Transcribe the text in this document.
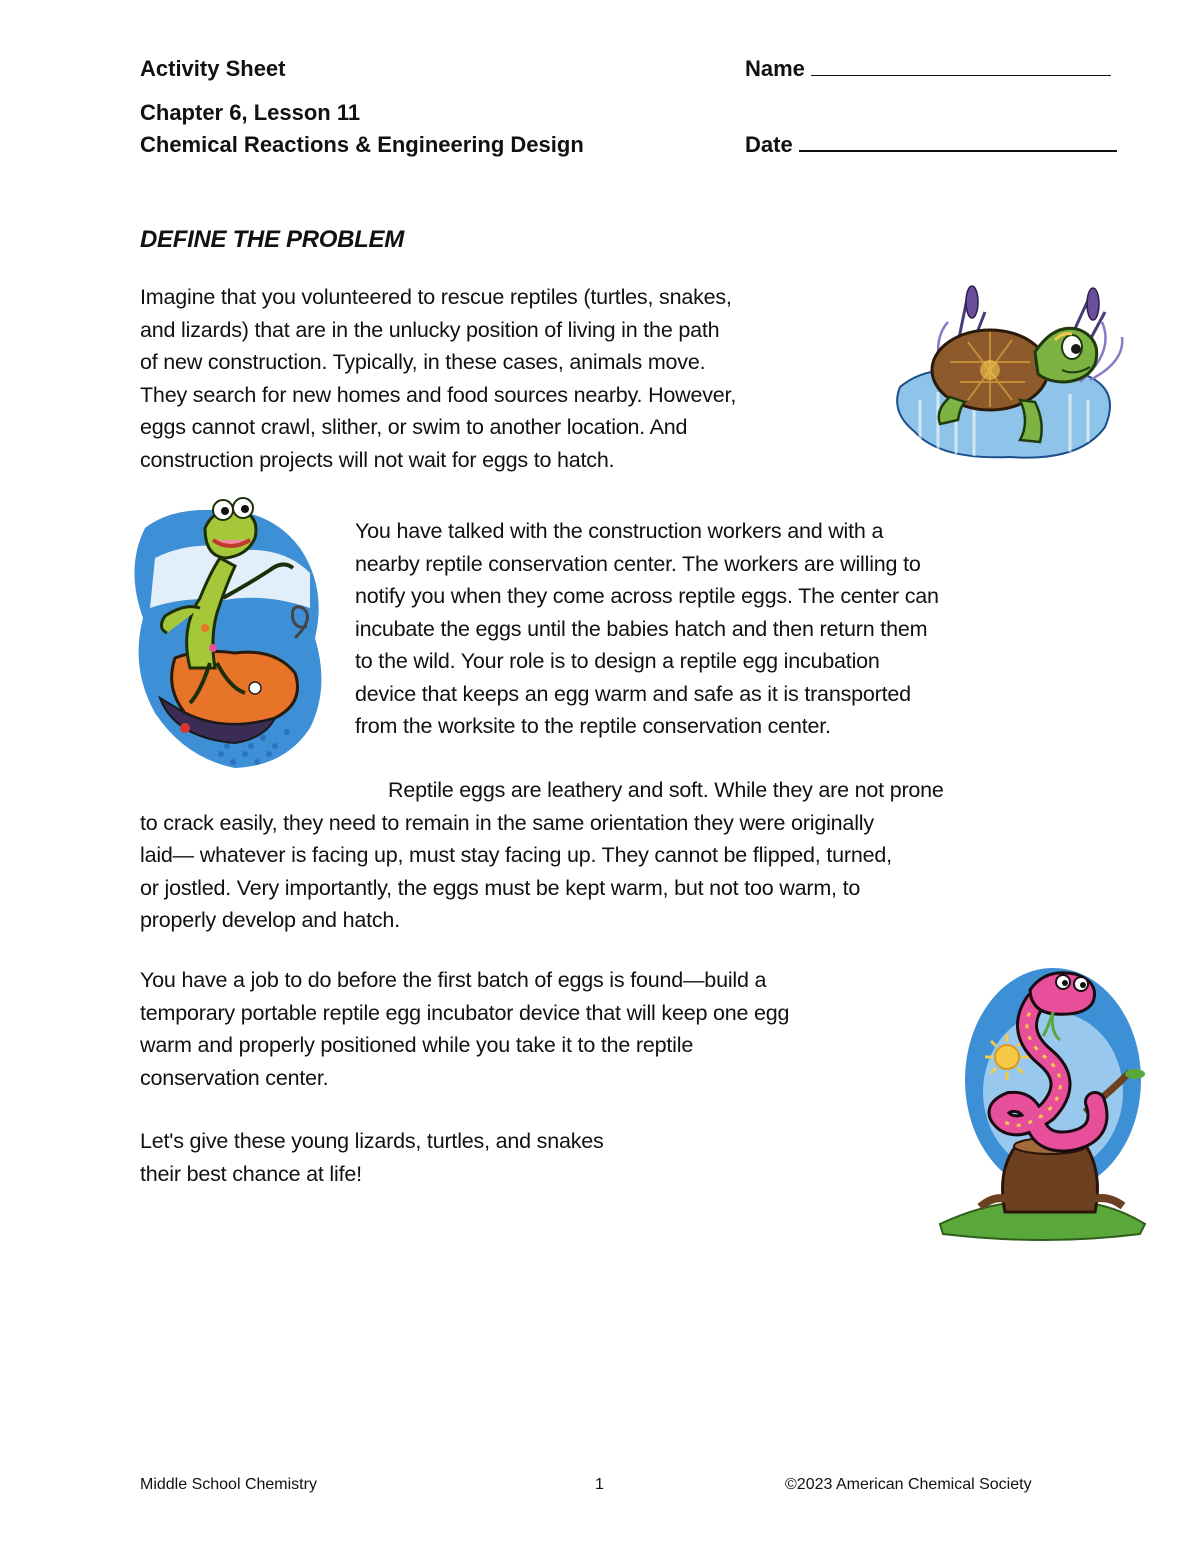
Activity Sheet
Chapter 6, Lesson 11
Chemical Reactions & Engineering Design
Name
Date
DEFINE THE PROBLEM

Imagine that you volunteered to rescue reptiles (turtles, snakes,
and lizards) that are in the unlucky position of living in the path
of new construction. Typically, in these cases, animals move.
They search for new homes and food sources nearby. However,
eggs cannot crawl, slither, or swim to another location. And
construction projects will not wait for eggs to hatch.

You have talked with the construction workers and with a
nearby reptile conservation center. The workers are willing to
notify you when they come across reptile eggs. The center can
incubate the eggs until the babies hatch and then return them
to the wild. Your role is to design a reptile egg incubation
device that keeps an egg warm and safe as it is transported
from the worksite to the reptile conservation center.

Reptile eggs are leathery and soft. While they are not prone
to crack easily, they need to remain in the same orientation they were originally
laid— whatever is facing up, must stay facing up. They cannot be flipped, turned,
or jostled. Very importantly, the eggs must be kept warm, but not too warm, to
properly develop and hatch.

You have a job to do before the first batch of eggs is found—build a
temporary portable reptile egg incubator device that will keep one egg
warm and properly positioned while you take it to the reptile
conservation center.

Let's give these young lizards, turtles, and snakes
their best chance at life!

Middle School Chemistry	1	©2023 American Chemical Society
